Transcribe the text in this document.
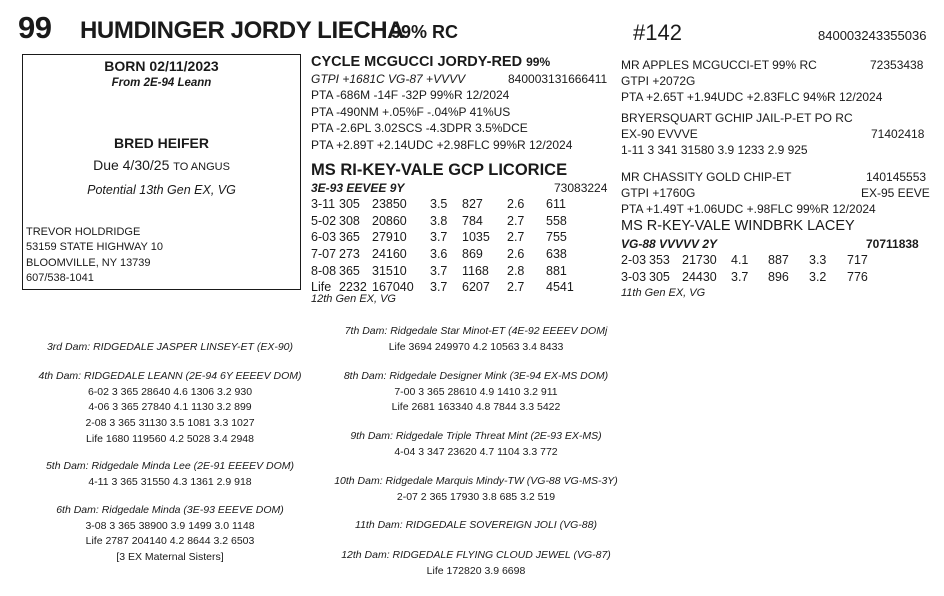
99 HUMDINGER JORDY LIECHA
99% RC	#142	840003243355036
BORN 02/11/2023
From 2E-94 Leann
BRED HEIFER
Due 4/30/25 TO ANGUS
Potential 13th Gen EX, VG
TREVOR HOLDRIDGE
53159 STATE HIGHWAY 10
BLOOMVILLE, NY 13739
607/538-1041
CYCLE MCGUCCI JORDY-RED 99%
GTPI +1681C VG-87 +VVVV	840003131666411
PTA -686M -14F -32P 99%R 12/2024
PTA -490NM +.05%F -.04%P 41%US
PTA -2.6PL 3.02SCS -4.3DPR 3.5%DCE
PTA +2.89T +2.14UDC +2.98FLC 99%R 12/2024
MS RI-KEY-VALE GCP LICORICE
3E-93 EEVEE 9Y	73083224
3-11	305	23850	3.5	827	2.6	611
5-02	308	20860	3.8	784	2.7	558
6-03	365	27910	3.7	1035	2.7	755
7-07	273	24160	3.6	869	2.6	638
8-08	365	31510	3.7	1168	2.8	881
Life	2232	167040	3.7	6207	2.7	4541
12th Gen EX, VG
MR APPLES MCGUCCI-ET 99% RC	72353438
GTPI +2072G
PTA +2.65T +1.94UDC +2.83FLC 94%R 12/2024
BRYERSQUART GCHIP JAIL-P-ET PO RC
EX-90 EVVVE	71402418
1-11 3 341 31580 3.9 1233 2.9 925
MR CHASSITY GOLD CHIP-ET	140145553
GTPI +1760G	EX-95 EEVE
PTA +1.49T +1.06UDC +.98FLC 99%R 12/2024
MS R-KEY-VALE WINDBRK LACEY
VG-88 VVVVV 2Y	70711838
2-03	353	21730	4.1	887	3.3	717
3-03	305	24430	3.7	896	3.2	776
11th Gen EX, VG
3rd Dam: RIDGEDALE JASPER LINSEY-ET (EX-90)
4th Dam: RIDGEDALE LEANN (2E-94 6Y EEEEV DOM)
6-02 3 365 28640 4.6 1306 3.2 930
4-06 3 365 27840 4.1 1130 3.2 899
2-08 3 365 31130 3.5 1081 3.3 1027
Life 1680 119560 4.2 5028 3.4 2948
5th Dam: Ridgedale Minda Lee (2E-91 EEEEV DOM)
4-11 3 365 31550 4.3 1361 2.9 918
6th Dam: Ridgedale Minda (3E-93 EEEVE DOM)
3-08 3 365 38900 3.9 1499 3.0 1148
Life 2787 204140 4.2 8644 3.2 6503
[3 EX Maternal Sisters]
7th Dam: Ridgedale Star Minot-ET (4E-92 EEEEV DOMj
Life 3694 249970 4.2 10563 3.4 8433
8th Dam: Ridgedale Designer Mink (3E-94 EX-MS DOM)
7-00 3 365 28610 4.9 1410 3.2 911
Life 2681 163340 4.8 7844 3.3 5422
9th Dam: Ridgedale Triple Threat Mint (2E-93 EX-MS)
4-04 3 347 23620 4.7 1104 3.3 772
10th Dam: Ridgedale Marquis Mindy-TW (VG-88 VG-MS-3Y)
2-07 2 365 17930 3.8 685 3.2 519
11th Dam: RIDGEDALE SOVEREIGN JOLI (VG-88)
12th Dam: RIDGEDALE FLYING CLOUD JEWEL (VG-87)
Life 172820 3.9 6698
